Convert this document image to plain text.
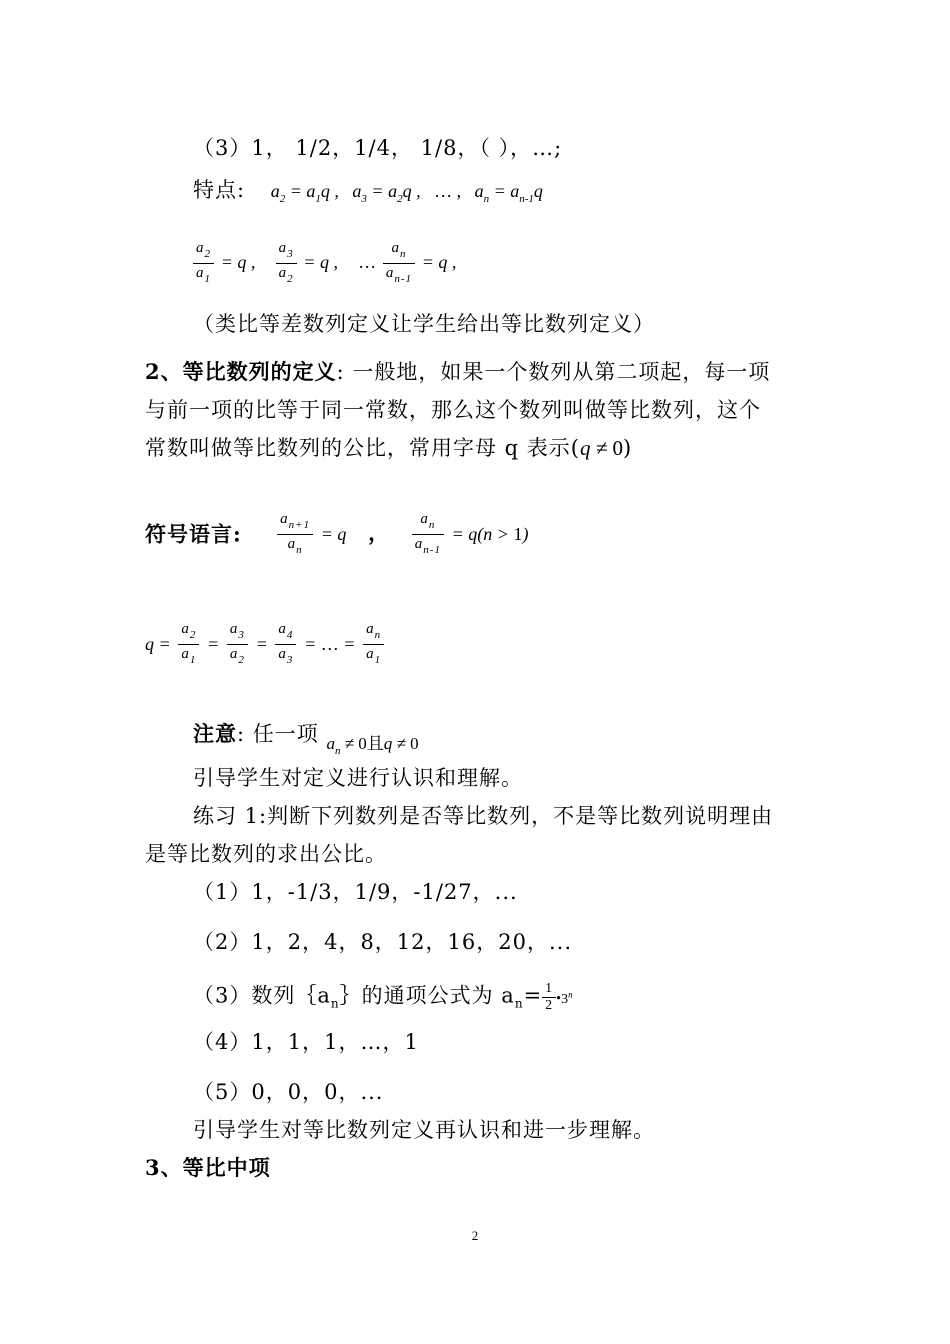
（3）1， 1/2，1/4， 1/8，（ ），…;
特点: $a_2 = a_1q$ ,   $a_3 = a_2q$ ,   … ,   $a_n = a_{n-1}q$
$\frac{a_2}{a_1} = q$ , $\frac{a_3}{a_2} = q$ , … $\frac{a_n}{a_{n-1}} = q$ ,
（类比等差数列定义让学生给出等比数列定义）
2、等比数列的定义: 一般地，如果一个数列从第二项起，每一项
与前一项的比等于同一常数，那么这个数列叫做等比数列，这个
常数叫做等比数列的公比，常用字母 q 表示(q ≠ 0)
符号语言: $\frac{a_{n+1}}{a_n} = q$ ， $\frac{a_n}{a_{n-1}} = q(n > 1)$
$q = \frac{a_2}{a_1} = \frac{a_3}{a_2} = \frac{a_4}{a_3}$ = … = $\frac{a_n}{a_1}$
注意: 任一项 $_{a_n \ne 0且q \ne 0}$
引导学生对定义进行认识和理解。
练习 1:判断下列数列是否等比数列，不是等比数列说明理由
是等比数列的求出公比。
（1）1，-1/3，1/9，-1/27，...
（2）1，2，4，8，12，16，20，...
（3）数列$\{a_n\}$的通项公式为 $a_n= \frac{1}{2}$ •3$^n$
（4）1，1，1，…，1
（5）0，0，0，...
引导学生对等比数列定义再认识和进一步理解。
3、等比中项
2
